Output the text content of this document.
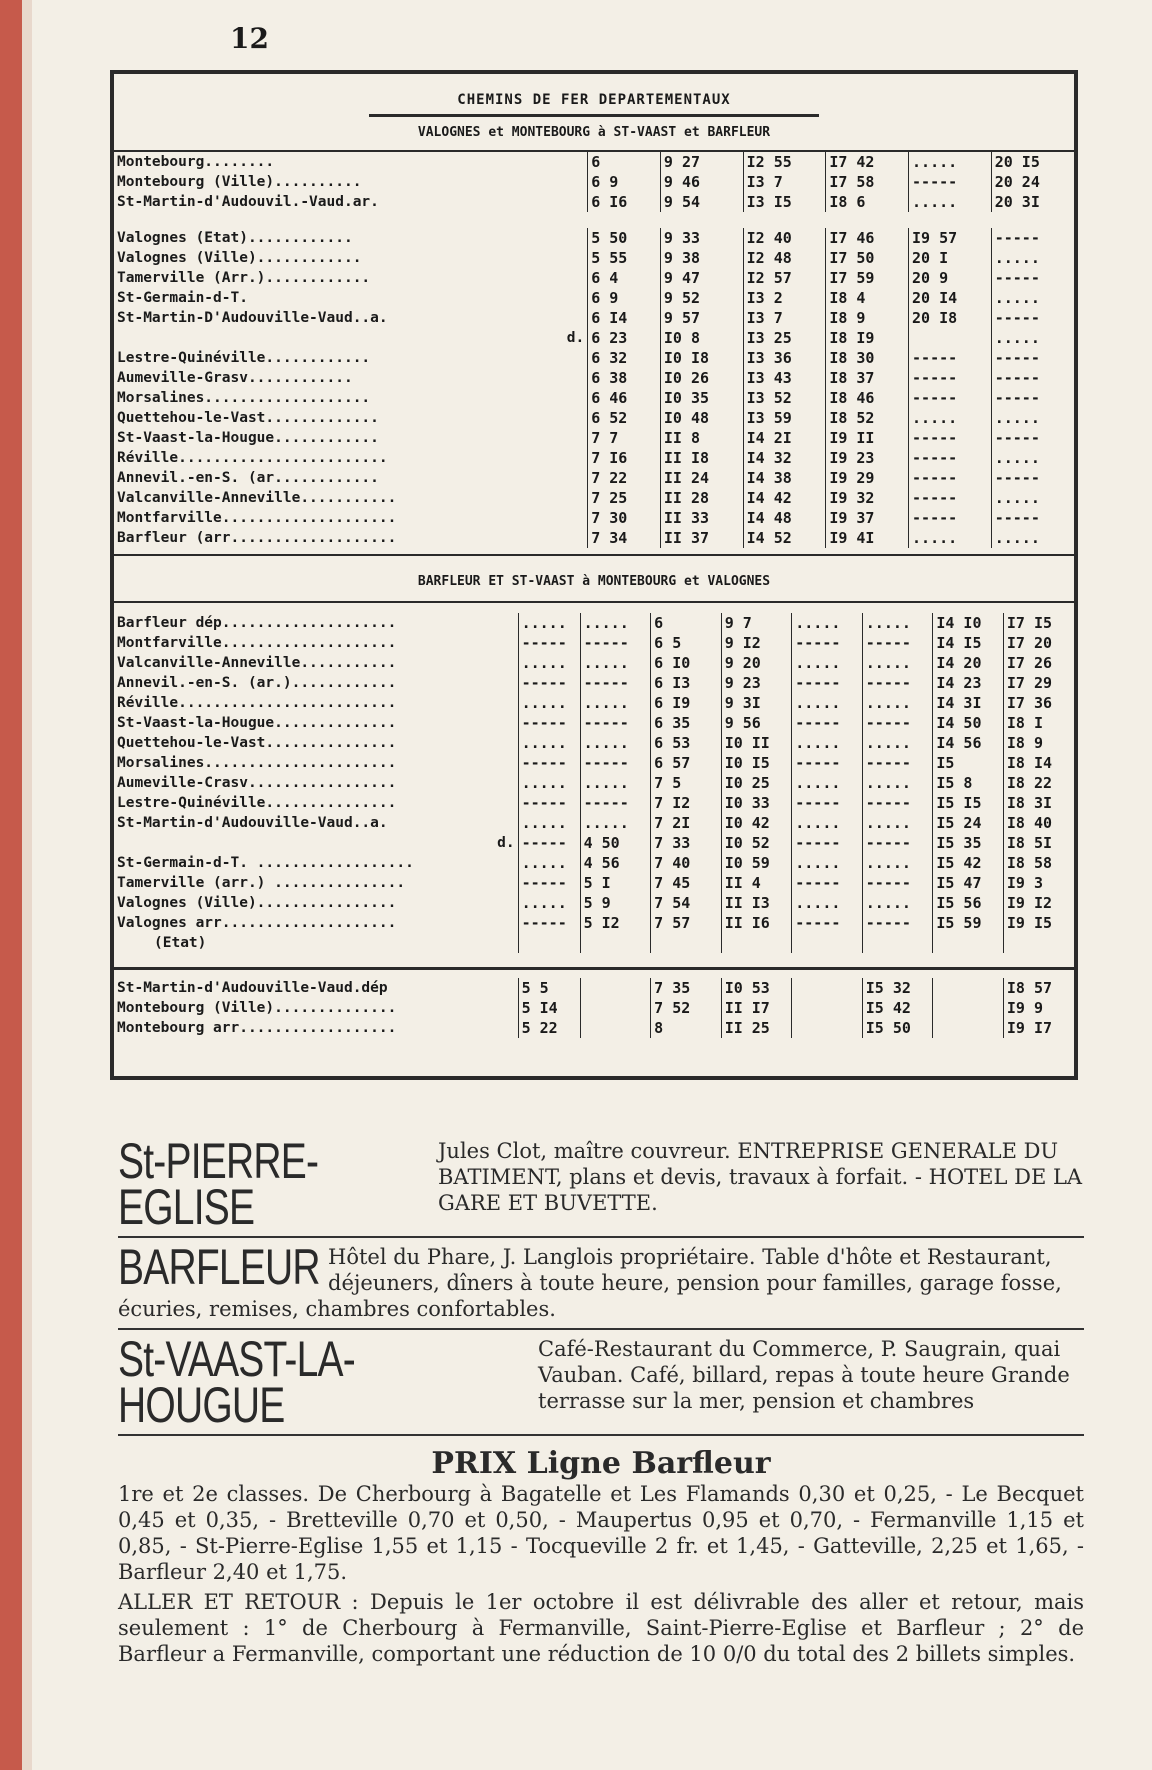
12
CHEMINS DE FER DEPARTEMENTAUX
VALOGNES et MONTEBOURG à ST-VAAST et BARFLEUR
Montebourg........	6	9 27	I2 55	I7 42	.....	20 I5
Montebourg (Ville)..........	6 9	9 46	I3 7	I7 58	-----	20 24
St-Martin-d'Audouvil.-Vaud.ar.	6 I6	9 54	I3 I5	I8 6	.....	20 3I
Valognes (Etat)............	5 50	9 33	I2 40	I7 46	I9 57	-----
Valognes (Ville)............	5 55	9 38	I2 48	I7 50	20 I	.....
Tamerville (Arr.)............	6 4	9 47	I2 57	I7 59	20 9	-----
St-Germain-d-T.	6 9	9 52	I3 2	I8 4	20 I4	.....
St-Martin-D'Audouville-Vaud..a.	6 I4	9 57	I3 7	I8 9	20 I8	-----
d.	6 23	I0 8	I3 25	I8 I9		.....
Lestre-Quinéville............	6 32	I0 I8	I3 36	I8 30	-----	-----
Aumeville-Grasv............	6 38	I0 26	I3 43	I8 37	-----	-----
Morsalines...................	6 46	I0 35	I3 52	I8 46	-----	-----
Quettehou-le-Vast.............	6 52	I0 48	I3 59	I8 52	.....	.....
St-Vaast-la-Hougue............	7 7	II 8	I4 2I	I9 II	-----	-----
Réville........................	7 I6	II I8	I4 32	I9 23	-----	.....
Annevil.-en-S. (ar............	7 22	II 24	I4 38	I9 29	-----	-----
Valcanville-Anneville...........	7 25	II 28	I4 42	I9 32	-----	.....
Montfarville....................	7 30	II 33	I4 48	I9 37	-----	-----
Barfleur (arr...................	7 34	II 37	I4 52	I9 4I	.....	.....
BARFLEUR ET ST-VAAST à MONTEBOURG et VALOGNES
Barfleur dép....................	.....	.....	6	9 7	.....	.....	I4 I0	I7 I5
Montfarville....................	-----	-----	6 5	9 I2	-----	-----	I4 I5	I7 20
Valcanville-Anneville...........	.....	.....	6 I0	9 20	.....	.....	I4 20	I7 26
Annevil.-en-S. (ar.)............	-----	-----	6 I3	9 23	-----	-----	I4 23	I7 29
Réville.........................	.....	.....	6 I9	9 3I	.....	.....	I4 3I	I7 36
St-Vaast-la-Hougue..............	-----	-----	6 35	9 56	-----	-----	I4 50	I8 I
Quettehou-le-Vast...............	.....	.....	6 53	I0 II	.....	.....	I4 56	I8 9
Morsalines......................	-----	-----	6 57	I0 I5	-----	-----	I5	I8 I4
Aumeville-Crasv.................	.....	.....	7 5	I0 25	.....	.....	I5 8	I8 22
Lestre-Quinéville...............	-----	-----	7 I2	I0 33	-----	-----	I5 I5	I8 3I
St-Martin-d'Audouville-Vaud..a.	.....	.....	7 2I	I0 42	.....	.....	I5 24	I8 40
d.	-----	4 50	7 33	I0 52	-----	-----	I5 35	I8 5I
St-Germain-d-T. ..................	.....	4 56	7 40	I0 59	.....	.....	I5 42	I8 58
Tamerville (arr.) ...............	-----	5 I	7 45	II 4	-----	-----	I5 47	I9 3
Valognes (Ville)................	.....	5 9	7 54	II I3	.....	.....	I5 56	I9 I2
Valognes arr....................	-----	5 I2	7 57	II I6	-----	-----	I5 59	I9 I5
(Etat)								
St-Martin-d'Audouville-Vaud.dép	5 5		7 35	I0 53		I5 32		I8 57
Montebourg (Ville)..............	5 I4		7 52	II I7		I5 42		I9 9
Montebourg arr..................	5 22		8	II 25		I5 50		I9 I7
St-PIERRE-EGLISE
Jules Clot, maître couvreur. ENTREPRISE GENERALE DU BATIMENT, plans et devis, travaux à forfait. - HOTEL DE LA GARE ET BUVETTE.
BARFLEUR Hôtel du Phare, J. Langlois propriétaire. Table d'hôte et Restaurant, déjeuners, dîners à toute heure, pension pour familles, garage fosse, écuries, remises, chambres confortables.
St-VAAST-LA-HOUGUE
Café-Restaurant du Commerce, P. Saugrain, quai Vauban. Café, billard, repas à toute heure Grande terrasse sur la mer, pension et chambres
PRIX Ligne Barfleur
1re et 2e classes. De Cherbourg à Bagatelle et Les Flamands 0,30 et 0,25, - Le Becquet 0,45 et 0,35, - Bretteville 0,70 et 0,50, - Maupertus 0,95 et 0,70, - Fermanville 1,15 et 0,85, - St-Pierre-Eglise 1,55 et 1,15 - Tocqueville 2 fr. et 1,45, - Gatteville, 2,25 et 1,65, - Barfleur 2,40 et 1,75.
ALLER ET RETOUR : Depuis le 1er octobre il est délivrable des aller et retour, mais seulement : 1° de Cherbourg à Fermanville, Saint-Pierre-Eglise et Barfleur ; 2° de Barfleur a Fermanville, comportant une réduction de 10 0/0 du total des 2 billets simples.
